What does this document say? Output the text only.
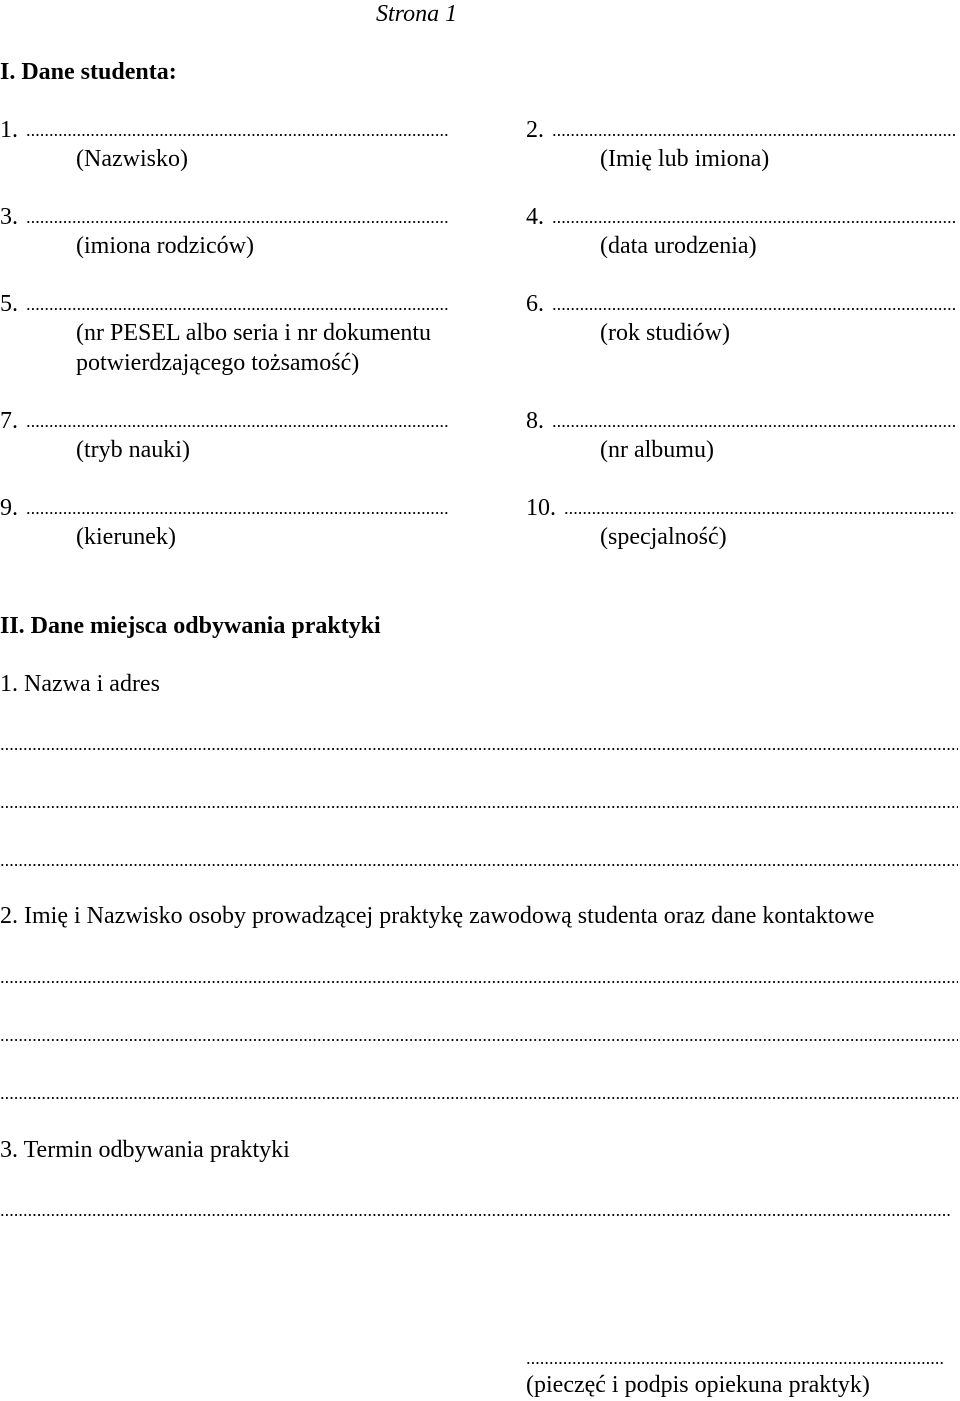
Strona 1
I. Dane studenta:
1.
(Nazwisko)
2.
(Imię lub imiona)
3.
(imiona rodziców)
4.
(data urodzenia)
5.
(nr PESEL albo seria i nr dokumentu
potwierdzającego tożsamość)
6.
(rok studiów)
7.
(tryb nauki)
8.
(nr albumu)
9.
(kierunek)
10.
(specjalność)
II. Dane miejsca odbywania praktyki
1. Nazwa i adres
2. Imię i Nazwisko osoby prowadzącej praktykę zawodową studenta oraz dane kontaktowe
3. Termin odbywania praktyki
(pieczęć i podpis opiekuna praktyk)
